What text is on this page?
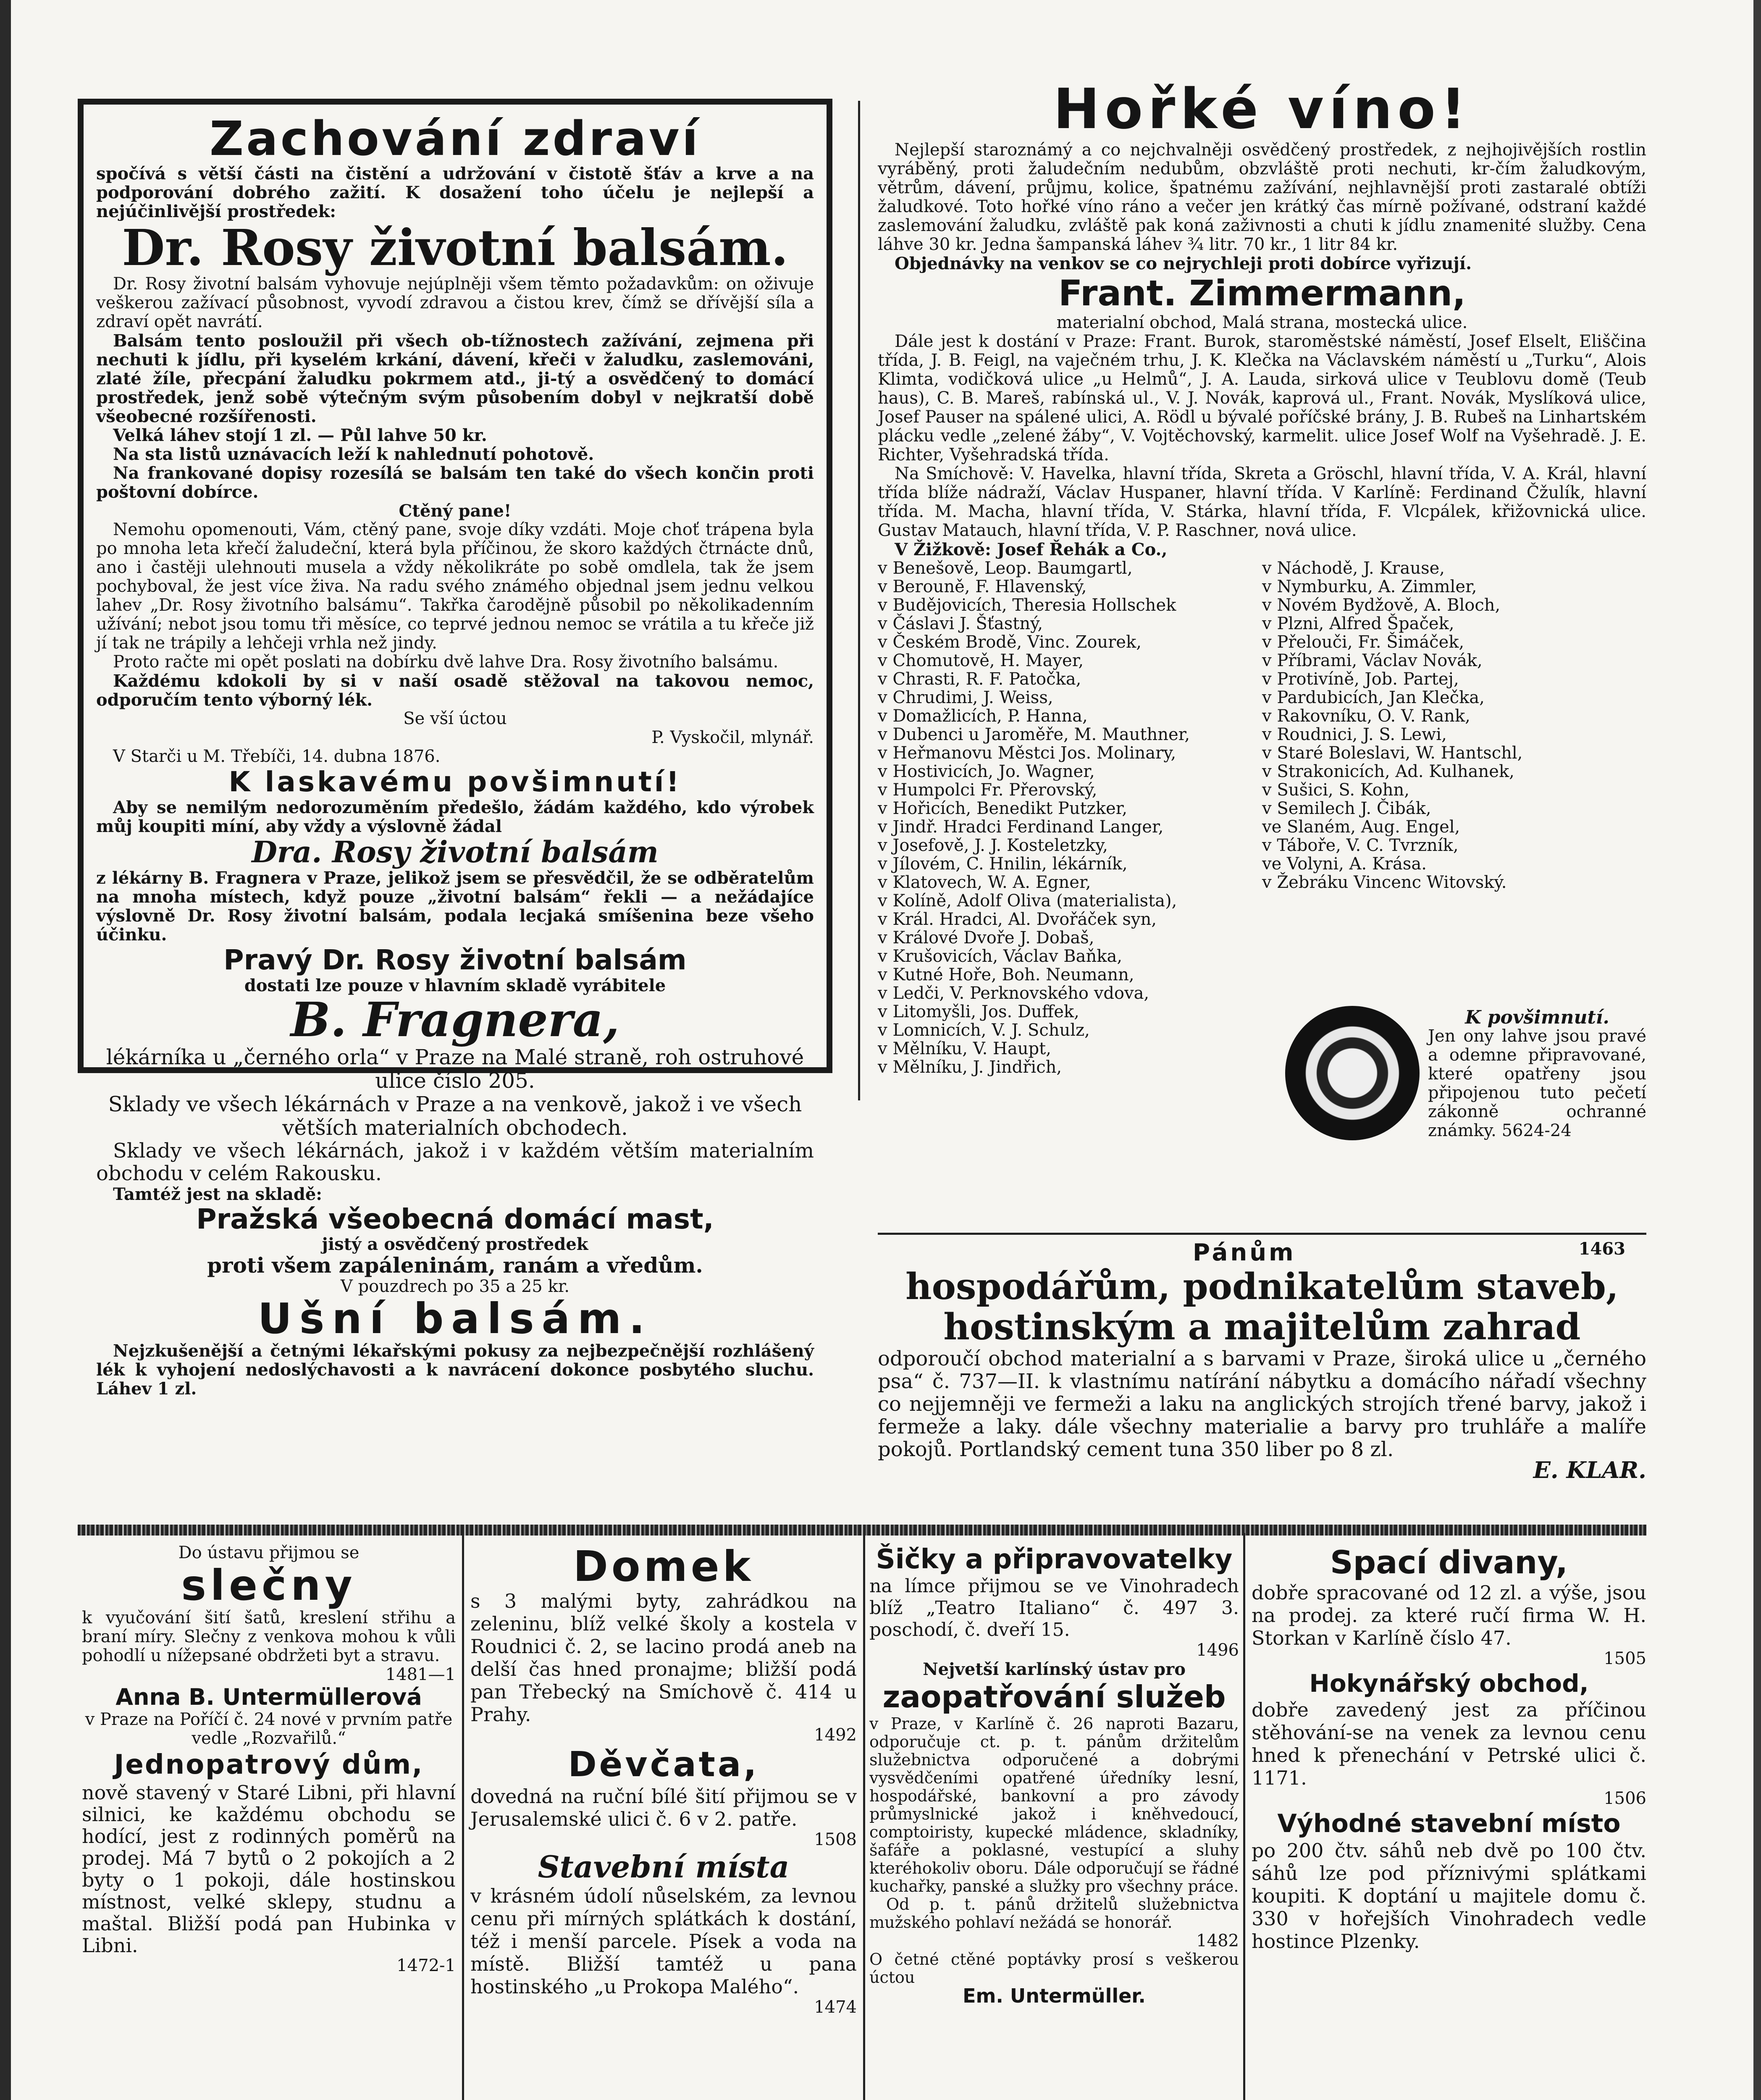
Zachování zdraví

spočívá s větší části na čistění a udržování v čistotě šťáv a krve a na podporování dobrého zažití. K dosažení toho účelu je nejlepší a nejúčinlivější prostředek:

Dr. Rosy životní balsám.

Dr. Rosy životní balsám vyhovuje nejúplněji všem těmto požadavkům: on oživuje veškerou zažívací působnost, vyvodí zdravou a čistou krev, čímž se dřívější síla a zdraví opět navrátí.

Balsám tento posloužil při všech ob-tížnostech zažívání, zejmena při nechuti k jídlu, při kyselém krkání, dávení, křeči v žaludku, zaslemováni, zlaté žíle, přecpání žaludku pokrmem atd., ji-tý a osvědčený to domácí prostředek, jenž sobě výtečným svým působením dobyl v nejkratší době všeobecné rozšířenosti.

Velká láhev stojí 1 zl. — Půl lahve 50 kr.

Na sta listů uznávacích leží k nahlednutí pohotově.

Na frankované dopisy rozesílá se balsám ten také do všech končin proti poštovní dobírce.

Ctěný pane!

Nemohu opomenouti, Vám, ctěný pane, svoje díky vzdáti. Moje choť trápena byla po mnoha leta křečí žaludeční, která byla příčinou, že skoro každých čtrnácte dnů, ano i častěji ulehnouti musela a vždy několikráte po sobě omdlela, tak že jsem pochyboval, že jest více živa. Na radu svého známého objednal jsem jednu velkou lahev „Dr. Rosy životního balsámu“. Takřka čarodějně působil po několikadenním užívání; nebot jsou tomu tři měsíce, co teprvé jednou nemoc se vrátila a tu křeče již jí tak ne trápily a lehčeji vrhla než jindy.

Proto račte mi opět poslati na dobírku dvě lahve Dra. Rosy životního balsámu.

Každému kdokoli by si v naší osadě stěžoval na takovou nemoc, odporučím tento výborný lék.

Se vší úctou

P. Vyskočil, mlynář.

V Starči u M. Třebíči, 14. dubna 1876.

K laskavému povšimnutí!

Aby se nemilým nedorozuměním předešlo, žádám každého, kdo výrobek můj koupiti míní, aby vždy a výslovně žádal

Dra. Rosy životní balsám

z lékárny B. Fragnera v Praze, jelikož jsem se přesvědčil, že se odběratelům na mnoha místech, když pouze „životní balsám“ řekli — a nežádajíce výslovně Dr. Rosy životní balsám, podala lecjaká smíšenina beze všeho účinku.

Pravý Dr. Rosy životní balsám

dostati lze pouze v hlavním skladě vyrábitele

B. Fragnera,

lékárníka u „černého orla“ v Praze na Malé straně, roh ostruhové ulice číslo 205.

Sklady ve všech lékárnách v Praze a na venkově, jakož i ve všech větších materialních obchodech.

Sklady ve všech lékárnách, jakož i v každém větším materialním obchodu v celém Rakousku.

Tamtéž jest na skladě:

Pražská všeobecná domácí mast,

jistý a osvědčený prostředek

proti všem zapáleninám, ranám a vředům.

V pouzdrech po 35 a 25 kr.

Ušní balsám.

Nejzkušenější a četnými lékařskými pokusy za nejbezpečnější rozhlášený lék k vyhojení nedoslýchavosti a k navrácení dokonce posbytého sluchu. Láhev 1 zl.

Hořké víno!

Nejlepší staroznámý a co nejchvalněji osvědčený prostředek, z nejhojivějších rostlin vyráběný, proti žaludečním nedubům, obzvláště proti nechuti, kr-čím žaludkovým, větrům, dávení, průjmu, kolice, špatnému zažívání, nejhlavnější proti zastaralé obtíži žaludkové. Toto hořké víno ráno a večer jen krátký čas mírně požívané, odstraní každé zaslemování žaludku, zvláště pak koná zaživnosti a chuti k jídlu znamenité služby. Cena láhve 30 kr. Jedna šampanská láhev ¾ litr. 70 kr., 1 litr 84 kr.

Objednávky na venkov se co nejrychleji proti dobírce vyřizují.

Frant. Zimmermann,

materialní obchod, Malá strana, mostecká ulice.

Dále jest k dostání v Praze: Frant. Burok, staroměstské náměstí, Josef Elselt, Eliščina třída, J. B. Feigl, na vaječném trhu, J. K. Klečka na Václavském náměstí u „Turku“, Alois Klimta, vodičková ulice „u Helmů“, J. A. Lauda, sirková ulice v Teublovu domě (Teub haus), C. B. Mareš, rabínská ul., V. J. Novák, kaprová ul., Frant. Novák, Myslíková ulice, Josef Pauser na spálené ulici, A. Rödl u bývalé poříčské brány, J. B. Rubeš na Linhartském plácku vedle „zelené žáby“, V. Vojtěchovský, karmelit. ulice Josef Wolf na Vyšehradě. J. E. Richter, Vyšehradská třída.

Na Smíchově: V. Havelka, hlavní třída, Skreta a Gröschl, hlavní třída, V. A. Král, hlavní třída blíže nádraží, Václav Huspaner, hlavní třída. V Karlíně: Ferdinand Čžulík, hlavní třída. M. Macha, hlavní třída, V. Stárka, hlavní třída, F. Vlcpálek, křižovnická ulice. Gustav Matauch, hlavní třída, V. P. Raschner, nová ulice.

V Žižkově: Josef Řehák a Co.,

v Benešově, Leop. Baumgartl,

v Berouně, F. Hlavenský,

v Budějovicích, Theresia Hollschek

v Čáslavi J. Šťastný,

v Českém Brodě, Vinc. Zourek,

v Chomutově, H. Mayer,

v Chrasti, R. F. Patočka,

v Chrudimi, J. Weiss,

v Domažlicích, P. Hanna,

v Dubenci u Jaroměře, M. Mauthner,

v Heřmanovu Městci Jos. Molinary,

v Hostivicích, Jo. Wagner,

v Humpolci Fr. Přerovský,

v Hořicích, Benedikt Putzker,

v Jindř. Hradci Ferdinand Langer,

v Josefově, J. J. Kosteletzky,

v Jílovém, C. Hnilin, lékárník,

v Klatovech, W. A. Egner,

v Kolíně, Adolf Oliva (materialista),

v Král. Hradci, Al. Dvořáček syn,

v Králové Dvoře J. Dobaš,

v Krušovicích, Václav Baňka,

v Kutné Hoře, Boh. Neumann,

v Ledči, V. Perknovského vdova,

v Litomyšli, Jos. Duffek,

v Lomnicích, V. J. Schulz,

v Mělníku, V. Haupt,

v Mělníku, J. Jindřich,

v Náchodě, J. Krause,

v Nymburku, A. Zimmler,

v Novém Bydžově, A. Bloch,

v Plzni, Alfred Špaček,

v Přelouči, Fr. Šimáček,

v Příbrami, Václav Novák,

v Protivíně, Job. Partej,

v Pardubicích, Jan Klečka,

v Rakovníku, O. V. Rank,

v Roudnici, J. S. Lewi,

v Staré Boleslavi, W. Hantschl,

v Strakonicích, Ad. Kulhanek,

v Sušici, S. Kohn,

v Semilech J. Čibák,

ve Slaném, Aug. Engel,

v Táboře, V. C. Tvrzník,

ve Volyni, A. Krása.

v Žebráku Vincenc Witovský.

K povšimnutí.

Jen ony lahve jsou pravé a odemne připravované, které opatřeny jsou připojenou tuto pečetí zákonně ochranné známky. 5624-24

Pánům	1463
hospodářům, podnikatelům staveb,
hostinským a majitelům zahrad

odporoučí obchod materialní a s barvami v Praze, široká ulice u „černého psa“ č. 737—II. k vlastnímu natírání nábytku a domácího nářadí všechny co nejjemněji ve fermeži a laku na anglických strojích třené barvy, jakož i fermeže a laky. dále všechny materialie a barvy pro truhláře a malíře pokojů. Portlandský cement tuna 350 liber po 8 zl.

E. KLAR.

Do ústavu přijmou se

slečny

k vyučování šití šatů, kreslení střihu a braní míry. Slečny z venkova mohou k vůli pohodlí u nížepsané obdržeti byt a stravu.

1481—1

Anna B. Untermüllerová

v Praze na Poříčí č. 24 nové v prvním patře vedle „Rozvařilů.“

Jednopatrový dům,

nově stavený v Staré Libni, při hlavní silnici, ke každému obchodu se hodící, jest z rodinných poměrů na prodej. Má 7 bytů o 2 pokojích a 2 byty o 1 pokoji, dále hostinskou místnost, velké sklepy, studnu a maštal. Bližší podá pan Hubinka v Libni.

1472-1

Domek

s 3 malými byty, zahrádkou na zeleninu, blíž velké školy a kostela v Roudnici č. 2, se lacino prodá aneb na delší čas hned pronajme; bližší podá pan Třebecký na Smíchově č. 414 u Prahy.

1492

Děvčata,

dovedná na ruční bílé šití přijmou se v Jerusalemské ulici č. 6 v 2. patře.

1508

Stavební místa

v krásném údolí nůselském, za levnou cenu při mírných splátkách k dostání, též i menší parcele. Písek a voda na místě. Bližší tamtéž u pana hostinského „u Prokopa Malého“.

1474

Šičky a připravovatelky

na límce přijmou se ve Vinohradech blíž „Teatro Italiano“ č. 497 3. poschodí, č. dveří 15.

1496

Nejvetší karlínský ústav pro

zaopatřování služeb

v Praze, v Karlíně č. 26 naproti Bazaru, odporučuje ct. p. t. pánům držitelům služebnictva odporučené a dobrými vysvědčeními opatřené úředníky lesní, hospodářské, bankovní a pro závody průmyslnické jakož i kněhvedoucí, comptoiristy, kupecké mládence, skladníky, šafáře a poklasné, vestupící a sluhy kteréhokoliv oboru. Dále odporučují se řádné kuchařky, panské a služky pro všechny práce.

Od p. t. pánů držitelů služebnictva mužského pohlaví nežádá se honorář.

1482

O četné ctěné poptávky prosí s veškerou úctou

Em. Untermüller.

Spací divany,

dobře spracované od 12 zl. a výše, jsou na prodej. za které ručí firma W. H. Storkan v Karlíně číslo 47.

1505

Hokynářský obchod,

dobře zavedený jest za příčinou stěhování-se na venek za levnou cenu hned k přenechání v Petrské ulici č. 1171.

1506

Výhodné stavební místo

po 200 čtv. sáhů neb dvě po 100 čtv. sáhů lze pod příznivými splátkami koupiti. K doptání u majitele domu č. 330 v hořejších Vinohradech vedle hostince Plzenky.
